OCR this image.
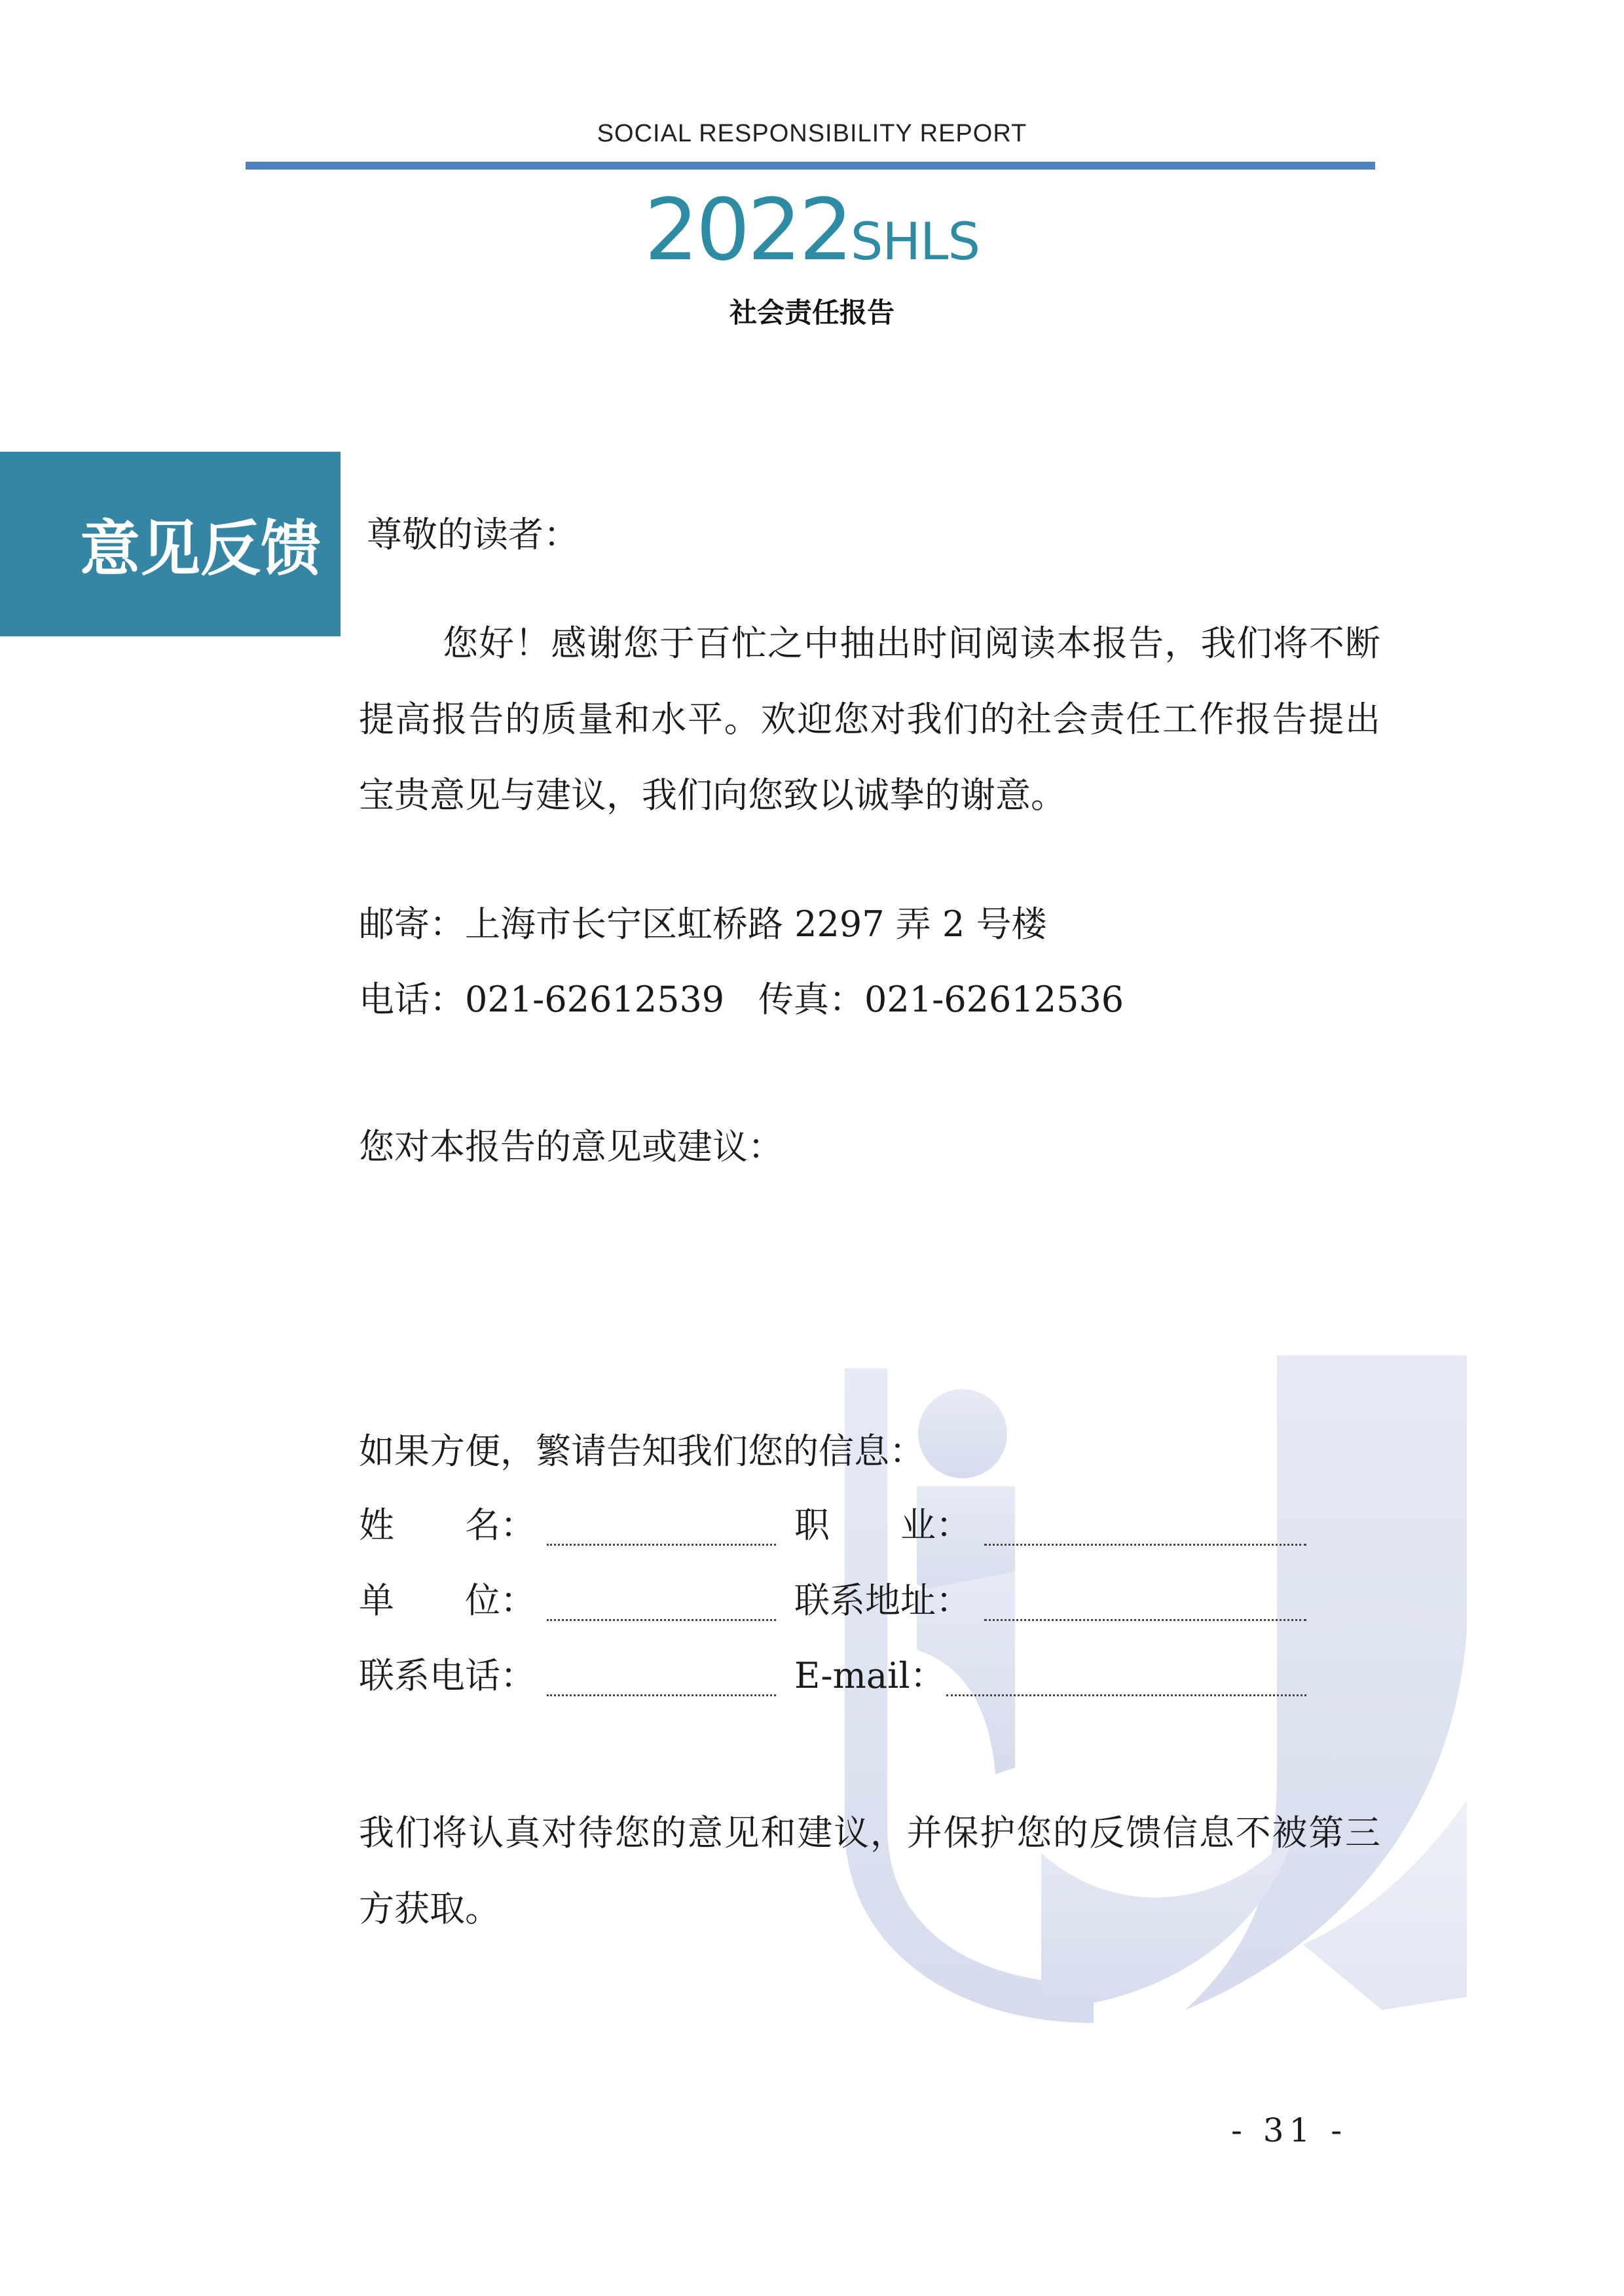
SOCIAL RESPONSIBILITY REPORT
2022SHLS
社会责任报告
意见反馈 尊敬的读者：
您好！感谢您于百忙之中抽出时间阅读本报告，我们将不断提高报告的质量和水平。欢迎您对我们的社会责任工作报告提出宝贵意见与建议，我们向您致以诚挚的谢意。
邮寄：上海市长宁区虹桥路 2297 弄 2 号楼
电话：021-62612539 传真：021-62612536
您对本报告的意见或建议：
如果方便，繁请告知我们您的信息：
姓　　名：	职　　业：
单　　位：	联系地址：
联系电话：	E-mail：
我们将认真对待您的意见和建议，并保护您的反馈信息不被第三方获取。
- 31 -
